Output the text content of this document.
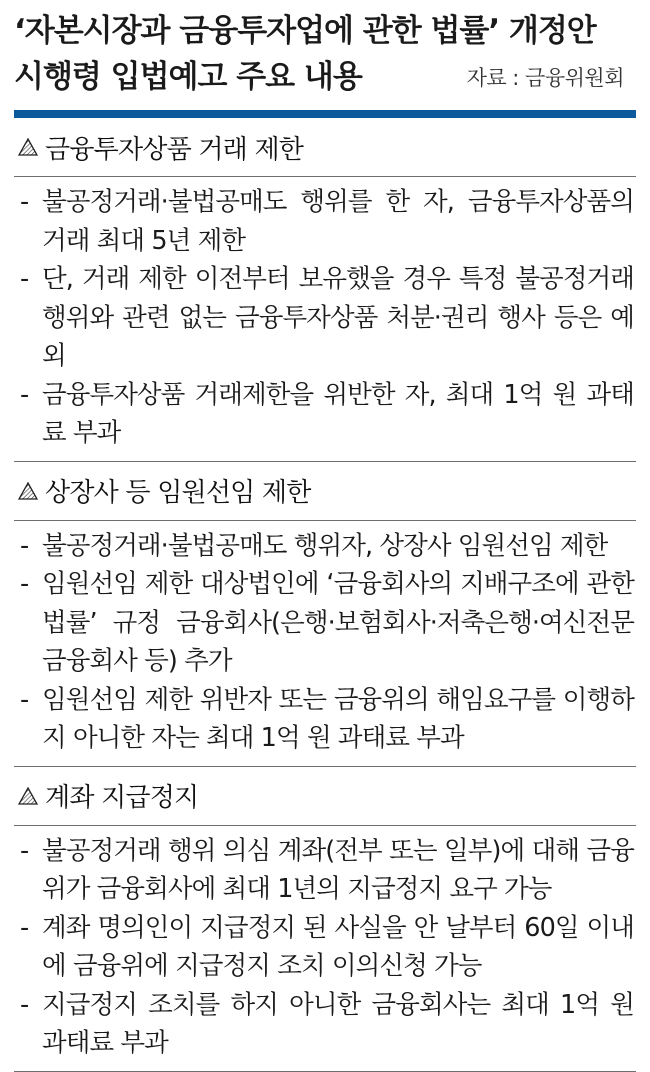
‘자본시장과 금융투자업에 관한 법률’ 개정안
시행령 입법예고 주요 내용	자료 : 금융위원회
금융투자상품 거래 제한
- 불공정거래·불법공매도 행위를 한 자, 금융투자상품의 거래 최대 5년 제한
- 단, 거래 제한 이전부터 보유했을 경우 특정 불공정거래 행위와 관련 없는 금융투자상품 처분·권리 행사 등은 예외
- 금융투자상품 거래제한을 위반한 자, 최대 1억 원 과태료 부과
상장사 등 임원선임 제한
- 불공정거래·불법공매도 행위자, 상장사 임원선임 제한
- 임원선임 제한 대상법인에 ‘금융회사의 지배구조에 관한 법률’ 규정 금융회사(은행·보험회사·저축은행·여신전문금융회사 등) 추가
- 임원선임 제한 위반자 또는 금융위의 해임요구를 이행하지 아니한 자는 최대 1억 원 과태료 부과
계좌 지급정지
- 불공정거래 행위 의심 계좌(전부 또는 일부)에 대해 금융위가 금융회사에 최대 1년의 지급정지 요구 가능
- 계좌 명의인이 지급정지 된 사실을 안 날부터 60일 이내에 금융위에 지급정지 조치 이의신청 가능
- 지급정지 조치를 하지 아니한 금융회사는 최대 1억 원 과태료 부과
